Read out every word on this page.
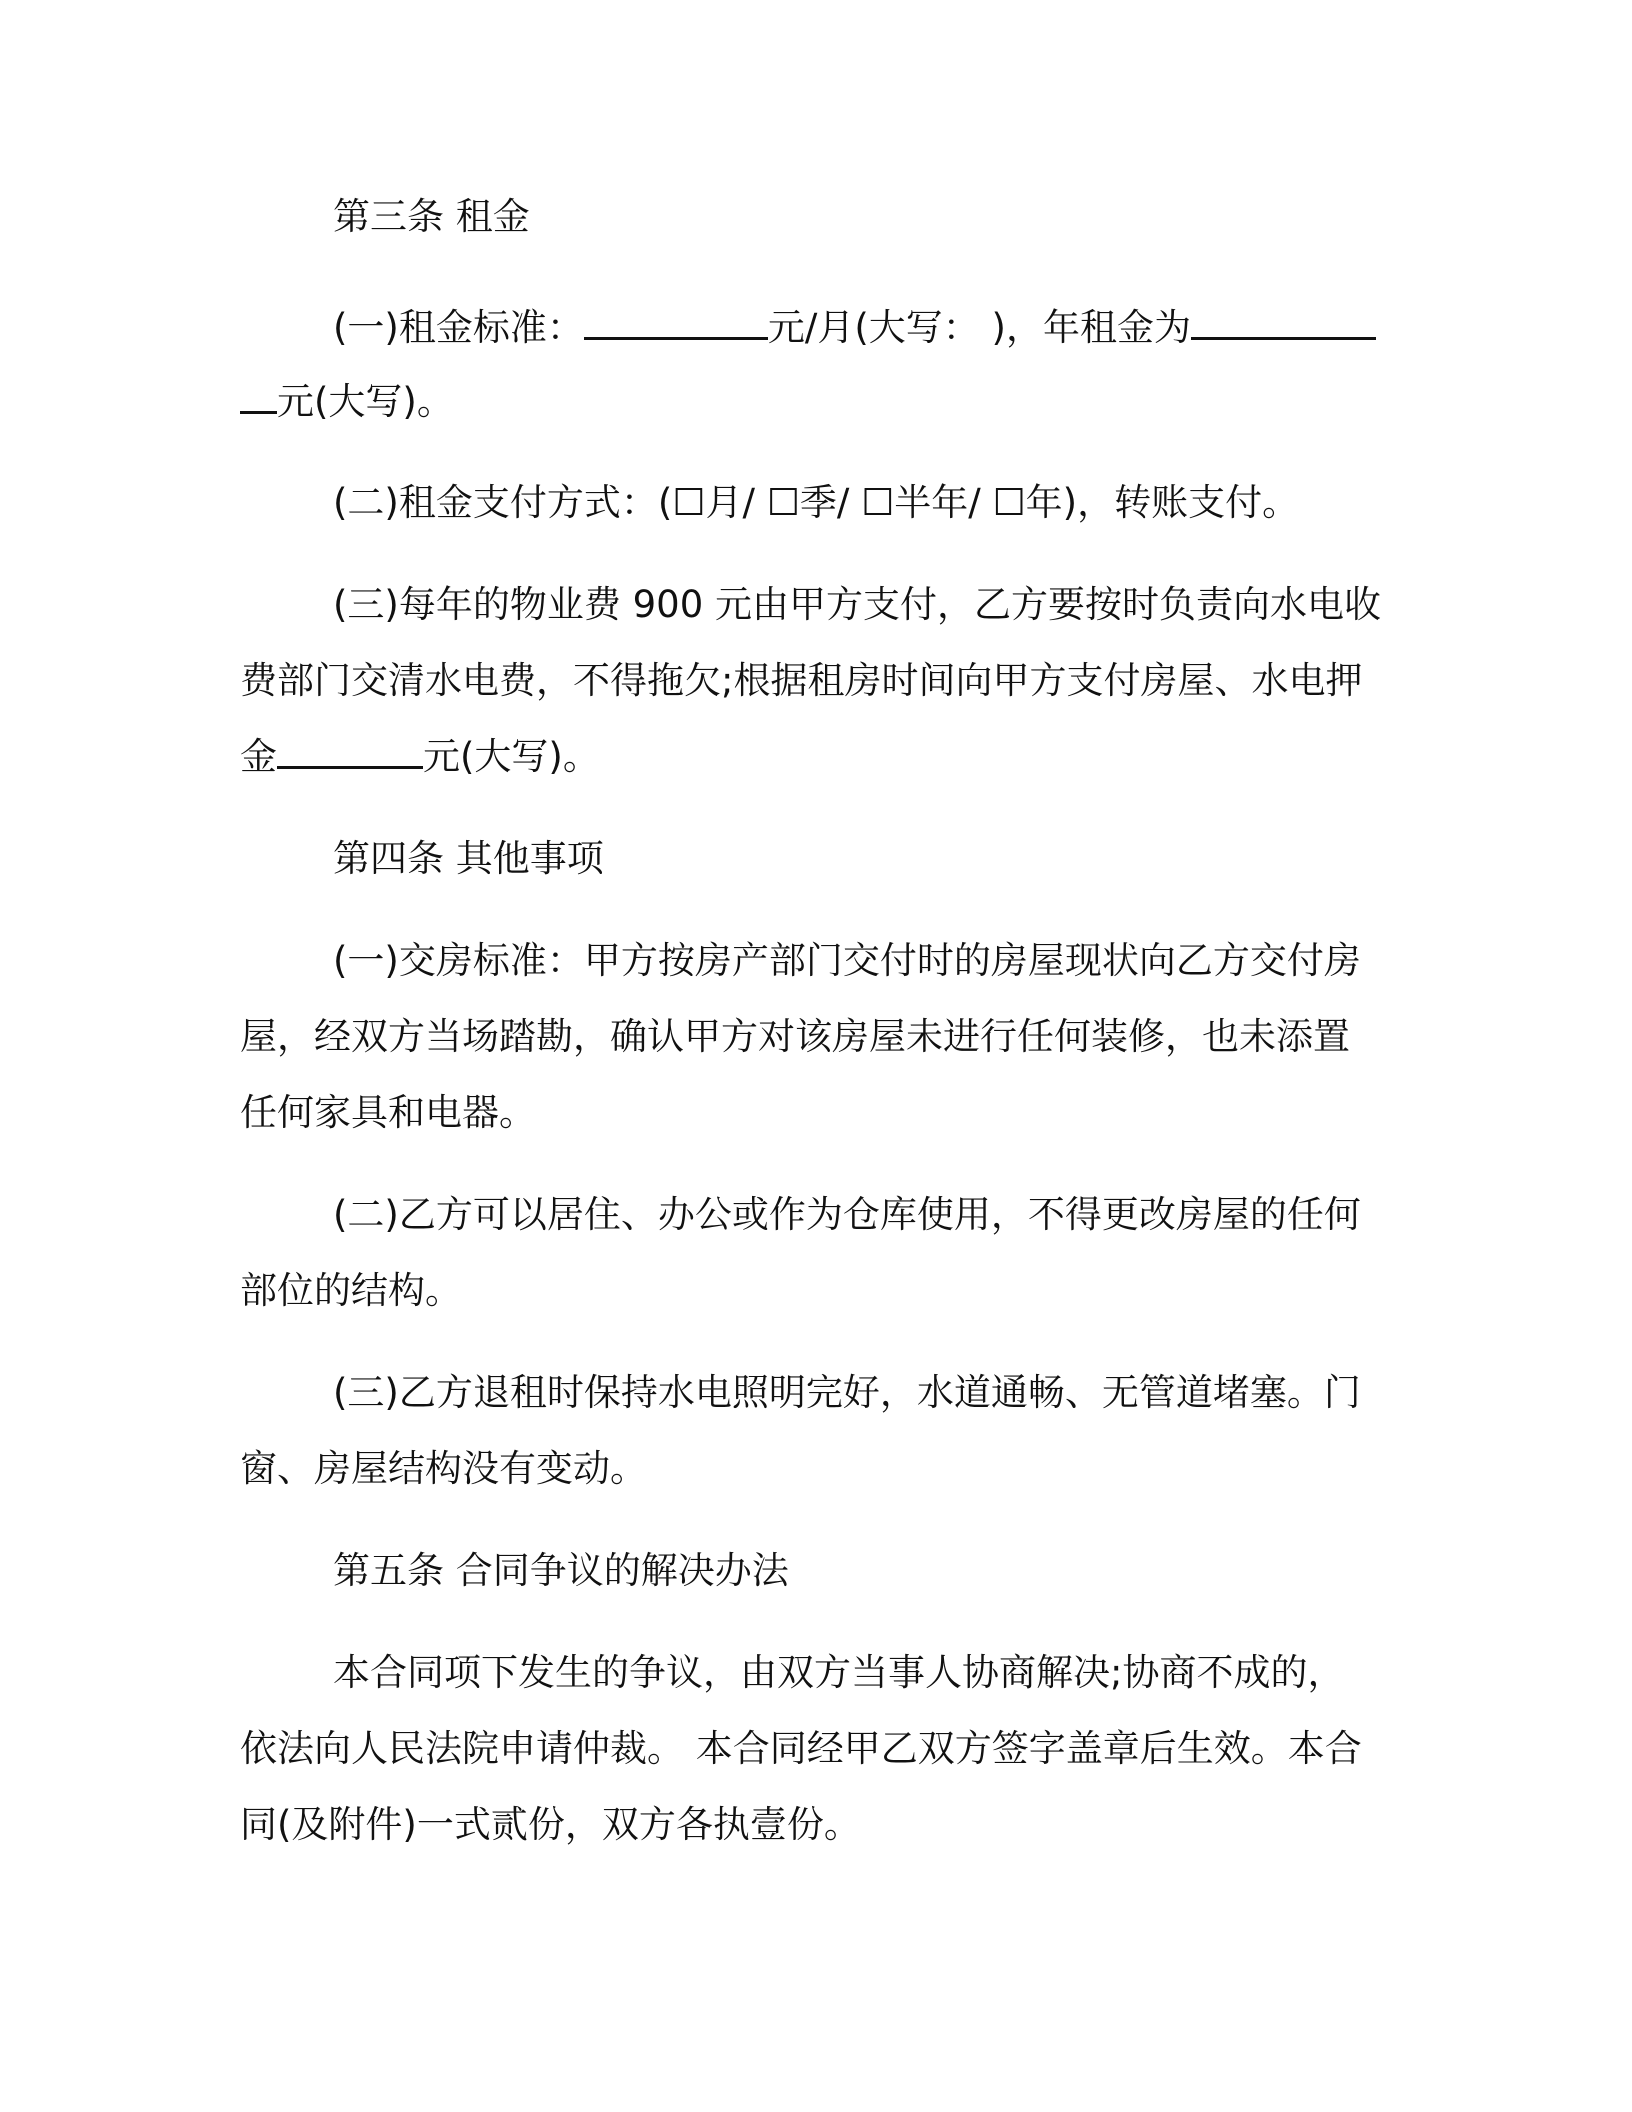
第三条 租金
(一)租金标准：	元/月(大写： )，年租金为
元(大写)。
(二)租金支付方式：(☐月/ ☐季/ ☐半年/ ☐年)，转账支付。
(三)每年的物业费 900 元由甲方支付，乙方要按时负责向水电收
费部门交清水电费，不得拖欠;根据租房时间向甲方支付房屋、水电押
金	元(大写)。
第四条 其他事项
(一)交房标准：甲方按房产部门交付时的房屋现状向乙方交付房
屋，经双方当场踏勘，确认甲方对该房屋未进行任何装修，也未添置
任何家具和电器。
(二)乙方可以居住、办公或作为仓库使用，不得更改房屋的任何
部位的结构。
(三)乙方退租时保持水电照明完好，水道通畅、无管道堵塞。门
窗、房屋结构没有变动。
第五条 合同争议的解决办法
本合同项下发生的争议，由双方当事人协商解决;协商不成的，
依法向人民法院申请仲裁。 本合同经甲乙双方签字盖章后生效。本合
同(及附件)一式贰份，双方各执壹份。
